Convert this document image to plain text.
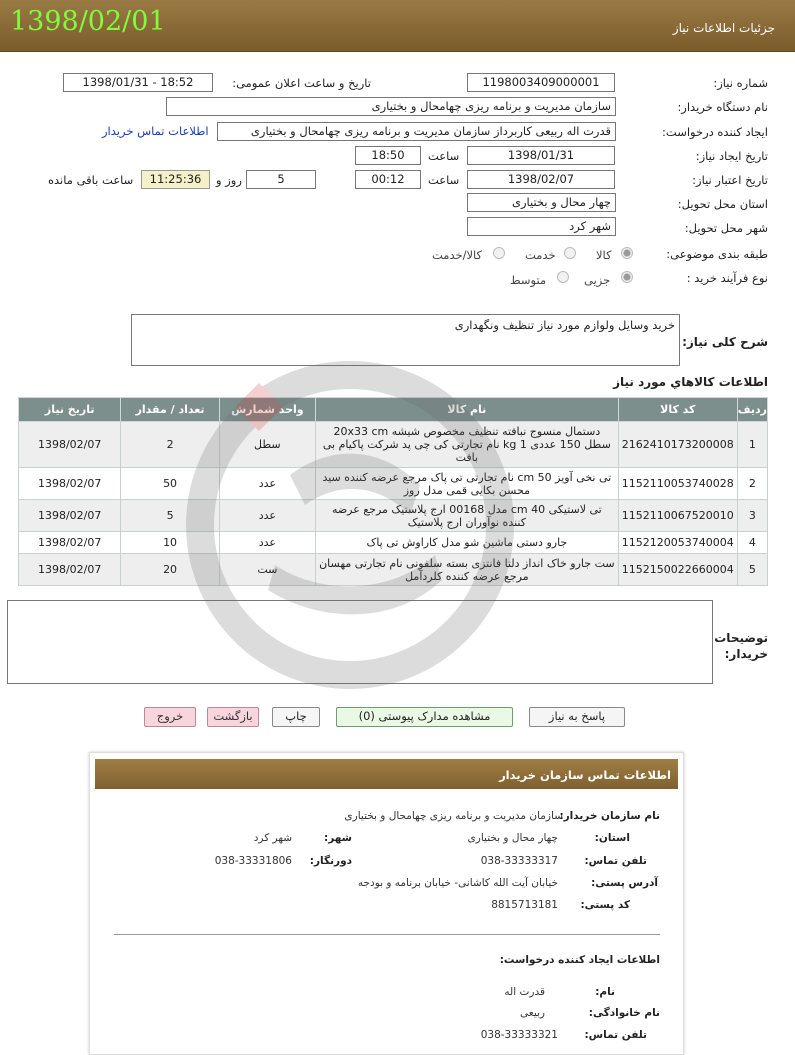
جزئیات اطلاعات نیاز
1398/02/01
شماره نیاز:
1198003409000001
تاریخ و ساعت اعلان عمومی:
1398/01/31 - 18:52
نام دستگاه خریدار:
سازمان مدیریت و برنامه ریزی چهامحال و بختیاری
ایجاد کننده درخواست:
قدرت اله ربیعی کاربرداز سازمان مدیریت و برنامه ریزی چهامحال و بختیاری
اطلاعات تماس خریدار
تاریخ ایجاد نیاز:
1398/01/31
ساعت
18:50
تاریخ اعتبار نیاز:
1398/02/07
ساعت
00:12
5
روز و
11:25:36
ساعت باقی مانده
استان محل تحویل:
چهار محال و بختیاری
شهر محل تحویل:
شهر کرد
طبقه بندی موضوعی:
کالا
خدمت
کالا/خدمت
نوع فرآیند خرید :
جزیی
متوسط
شرح کلی نیاز:
خرید وسایل ولوازم مورد نیاز تنظیف ونگهداری
اطلاعات كالاهاي مورد نياز
ردیف	کد کالا	نام کالا	واحد شمارش	تعداد / مقدار	تاریخ نیاز
1	2162410173200008	دستمال منسوج نبافته تنظیف مخصوص شیشه 20x33 cm سطل 150 عددی 1 kg نام تجارتی کی چی پد شرکت پاکیام بی بافت	سطل	2	1398/02/07
2	1152110053740028	تی نخی آویز 50 cm نام تجارتی تی پاک مرجع عرضه کننده سید محسن بکایی قمی مدل روز	عدد	50	1398/02/07
3	1152110067520010	تی لاستیکی 40 cm مدل 00168 ارج پلاستیک مرجع عرضه کننده نوآوران ارج پلاستیک	عدد	5	1398/02/07
4	1152120053740004	جارو دستی ماشین شو مدل کاراوش تی پاک	عدد	10	1398/02/07
5	1152150022660004	ست جارو خاک انداز دلتا فانتزی بسته سلفونی نام تجارتی مهسان مرجع عرضه کننده کلردآمل	ست	20	1398/02/07
توضیحات خریدار:
پاسخ به نیاز
مشاهده مدارک پیوستی (0)
چاپ
بازگشت
خروج
اطلاعات تماس سازمان خریدار
نام سازمان خریدار:
سازمان مدیریت و برنامه ریزی چهامحال و بختیاری
استان:
چهار محال و بختیاری
شهر:
شهر کرد
تلفن تماس:
038-33333317
دورنگار:
038-33331806
آدرس پستی:
خیابان آیت الله کاشانی- خیابان برنامه و بودجه
کد پستی:
8815713181
اطلاعات ایجاد کننده درخواست:
نام:
قدرت اله
نام خانوادگی:
ربیعی
تلفن تماس:
038-33333321
